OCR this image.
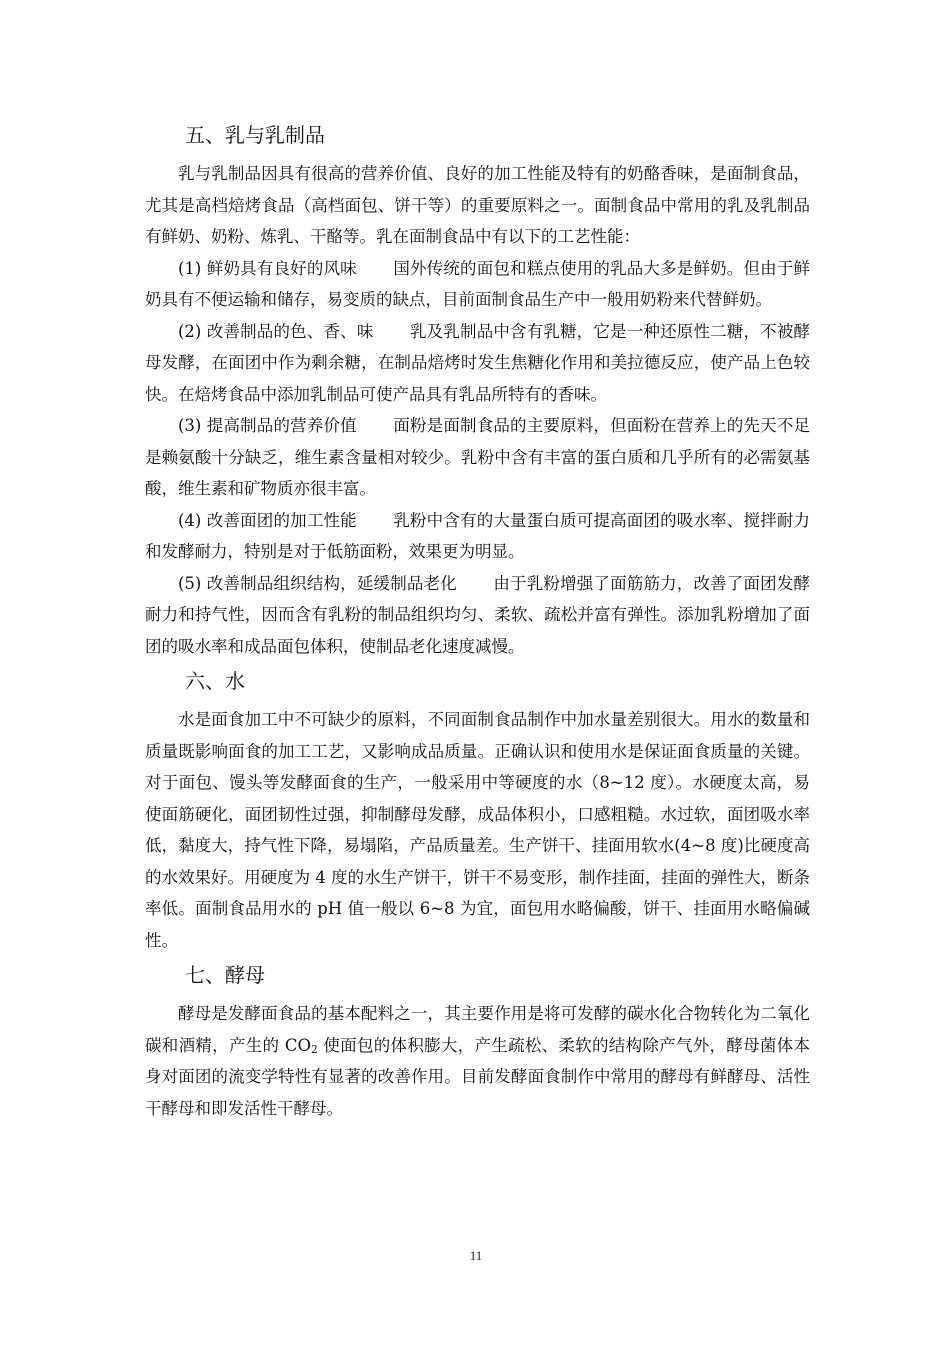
五、乳与乳制品

乳与乳制品因具有很高的营养价值、良好的加工性能及特有的奶酪香味，是面制食品，尤其是高档焙烤食品（高档面包、饼干等）的重要原料之一。面制食品中常用的乳及乳制品有鲜奶、奶粉、炼乳、干酪等。乳在面制食品中有以下的工艺性能：

(1) 鲜奶具有良好的风味 国外传统的面包和糕点使用的乳品大多是鲜奶。但由于鲜奶具有不便运输和储存，易变质的缺点，目前面制食品生产中一般用奶粉来代替鲜奶。

(2) 改善制品的色、香、味 乳及乳制品中含有乳糖，它是一种还原性二糖，不被酵母发酵，在面团中作为剩余糖，在制品焙烤时发生焦糖化作用和美拉德反应，使产品上色较快。在焙烤食品中添加乳制品可使产品具有乳品所特有的香味。

(3) 提高制品的营养价值 面粉是面制食品的主要原料，但面粉在营养上的先天不足是赖氨酸十分缺乏，维生素含量相对较少。乳粉中含有丰富的蛋白质和几乎所有的必需氨基酸，维生素和矿物质亦很丰富。

(4) 改善面团的加工性能 乳粉中含有的大量蛋白质可提高面团的吸水率、搅拌耐力和发酵耐力，特别是对于低筋面粉，效果更为明显。

(5) 改善制品组织结构，延缓制品老化 由于乳粉增强了面筋筋力，改善了面团发酵耐力和持气性，因而含有乳粉的制品组织均匀、柔软、疏松并富有弹性。添加乳粉增加了面团的吸水率和成品面包体积，使制品老化速度减慢。

六、水

水是面食加工中不可缺少的原料，不同面制食品制作中加水量差别很大。用水的数量和质量既影响面食的加工工艺，又影响成品质量。正确认识和使用水是保证面食质量的关键。对于面包、馒头等发酵面食的生产，一般采用中等硬度的水（8~12 度）。水硬度太高，易使面筋硬化，面团韧性过强，抑制酵母发酵，成品体积小，口感粗糙。水过软，面团吸水率低，黏度大，持气性下降，易塌陷，产品质量差。生产饼干、挂面用软水(4~8 度)比硬度高的水效果好。用硬度为 4 度的水生产饼干，饼干不易变形，制作挂面，挂面的弹性大，断条率低。面制食品用水的 pH 值一般以 6~8 为宜，面包用水略偏酸，饼干、挂面用水略偏碱性。

七、酵母

酵母是发酵面食品的基本配料之一，其主要作用是将可发酵的碳水化合物转化为二氧化碳和酒精，产生的 $CO_2$ 使面包的体积膨大，产生疏松、柔软的结构除产气外，酵母菌体本身对面团的流变学特性有显著的改善作用。目前发酵面食制作中常用的酵母有鲜酵母、活性干酵母和即发活性干酵母。

11
